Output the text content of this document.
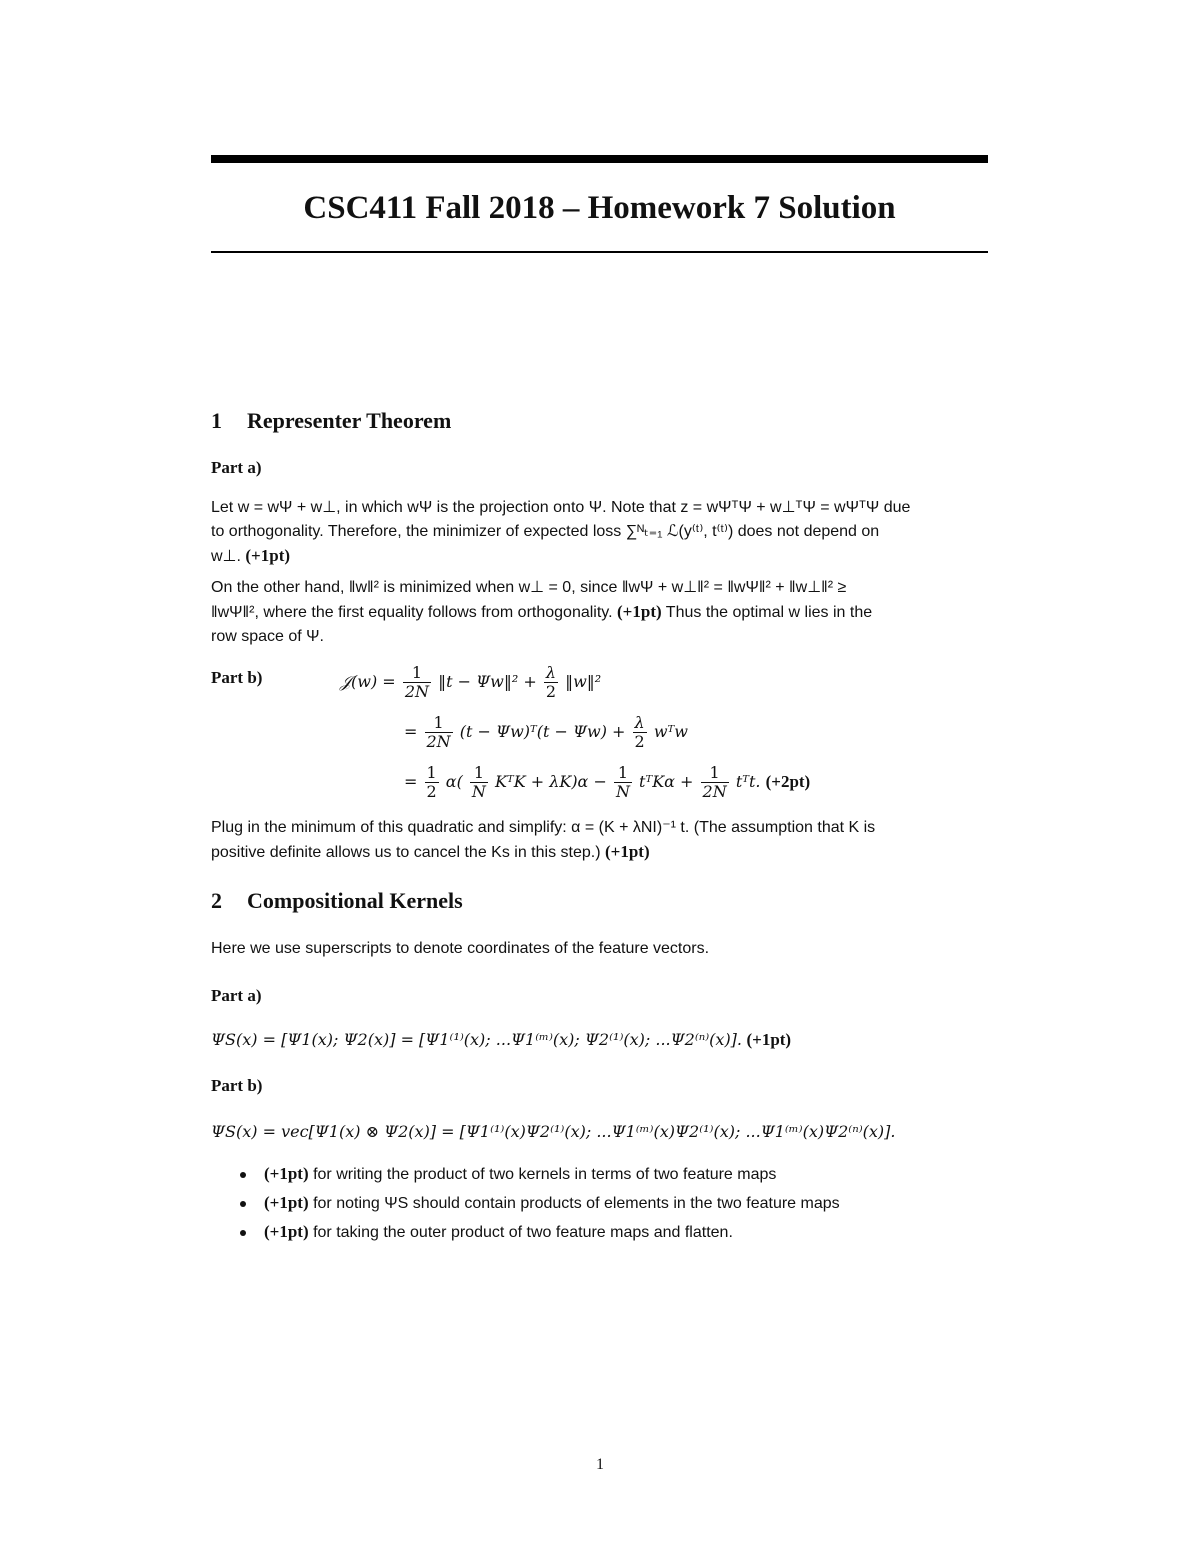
CSC411 Fall 2018 – Homework 7 Solution
1 Representer Theorem
Part a)
Let w = wΨ + w⊥, in which wΨ is the projection onto Ψ. Note that z = wΨᵀΨ + w⊥ᵀΨ = wΨᵀΨ due
to orthogonality. Therefore, the minimizer of expected loss ∑ᴺₜ₌₁ ℒ(y⁽ᵗ⁾, t⁽ᵗ⁾) does not depend on
w⊥. (+1pt)
On the other hand, ‖w‖² is minimized when w⊥ = 0, since ‖wΨ + w⊥‖² = ‖wΨ‖² + ‖w⊥‖² ≥
‖wΨ‖², where the first equality follows from orthogonality. (+1pt) Thus the optimal w lies in the
row space of Ψ.
Part b)	𝒥(w) = $\frac{1}{2N}$ ‖t − Ψw‖² + $\frac{\lambda}{2}$ ‖w‖²
= $\frac{1}{2N} (t$ − Ψw)ᵀ(t − $\Psi w) + \frac{\lambda}{2}$ wᵀw
= $\frac{1}{2} \alpha( \frac{1}{N}$ KᵀK + $\lambda K)\alpha - \frac{1}{N}$ tᵀKα + $\frac{1}{2N}$ tᵀt. (+2pt)
Plug in the minimum of this quadratic and simplify: α = (K + λNI)⁻¹ t. (The assumption that K is
positive definite allows us to cancel the Ks in this step.) (+1pt)
2 Compositional Kernels
Here we use superscripts to denote coordinates of the feature vectors.
Part a)
ΨS(x) = [Ψ1(x); Ψ2(x)] = [Ψ1⁽¹⁾(x); ...Ψ1⁽ᵐ⁾(x); Ψ2⁽¹⁾(x); ...Ψ2⁽ⁿ⁾(x)]. (+1pt)
Part b)
ΨS(x) = vec[Ψ1(x) ⊗ Ψ2(x)] = [Ψ1⁽¹⁾(x)Ψ2⁽¹⁾(x); ...Ψ1⁽ᵐ⁾(x)Ψ2⁽¹⁾(x); ...Ψ1⁽ᵐ⁾(x)Ψ2⁽ⁿ⁾(x)].
(+1pt) for writing the product of two kernels in terms of two feature maps
(+1pt) for noting ΨS should contain products of elements in the two feature maps
(+1pt) for taking the outer product of two feature maps and flatten.
1
